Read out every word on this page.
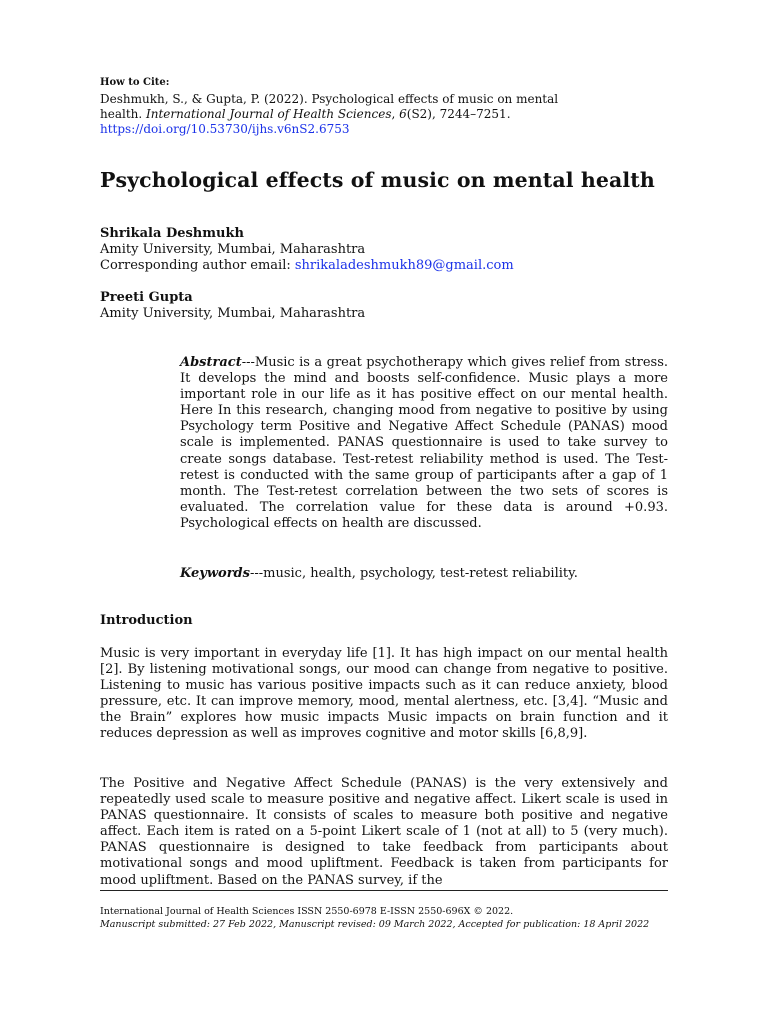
How to Cite:
Deshmukh, S., & Gupta, P. (2022). Psychological effects of music on mental
health. International Journal of Health Sciences, 6(S2), 7244–7251.
https://doi.org/10.53730/ijhs.v6nS2.6753
Psychological effects of music on mental health
Shrikala Deshmukh
Amity University, Mumbai, Maharashtra
Corresponding author email: shrikaladeshmukh89@gmail.com
Preeti Gupta
Amity University, Mumbai, Maharashtra
Abstract---Music is a great psychotherapy which gives relief from stress. It develops the mind and boosts self-confidence. Music plays a more important role in our life as it has positive effect on our mental health. Here In this research, changing mood from negative to positive by using Psychology term Positive and Negative Affect Schedule (PANAS) mood scale is implemented. PANAS questionnaire is used to take survey to create songs database. Test-retest reliability method is used. The Test-retest is conducted with the same group of participants after a gap of 1 month. The Test-retest correlation between the two sets of scores is evaluated. The correlation value for these data is around +0.93. Psychological effects on health are discussed.
Keywords---music, health, psychology, test-retest reliability.
Introduction

Music is very important in everyday life [1]. It has high impact on our mental health [2]. By listening motivational songs, our mood can change from negative to positive. Listening to music has various positive impacts such as it can reduce anxiety, blood pressure, etc. It can improve memory, mood, mental alertness, etc. [3,4]. “Music and the Brain” explores how music impacts Music impacts on brain function and it reduces depression as well as improves cognitive and motor skills [6,8,9].

The Positive and Negative Affect Schedule (PANAS) is the very extensively and repeatedly used scale to measure positive and negative affect. Likert scale is used in PANAS questionnaire. It consists of scales to measure both positive and negative affect. Each item is rated on a 5-point Likert scale of 1 (not at all) to 5 (very much). PANAS questionnaire is designed to take feedback from participants about motivational songs and mood upliftment. Feedback is taken from participants for mood upliftment. Based on the PANAS survey, if the

International Journal of Health Sciences ISSN 2550-6978 E-ISSN 2550-696X © 2022.
Manuscript submitted: 27 Feb 2022, Manuscript revised: 09 March 2022, Accepted for publication: 18 April 2022
